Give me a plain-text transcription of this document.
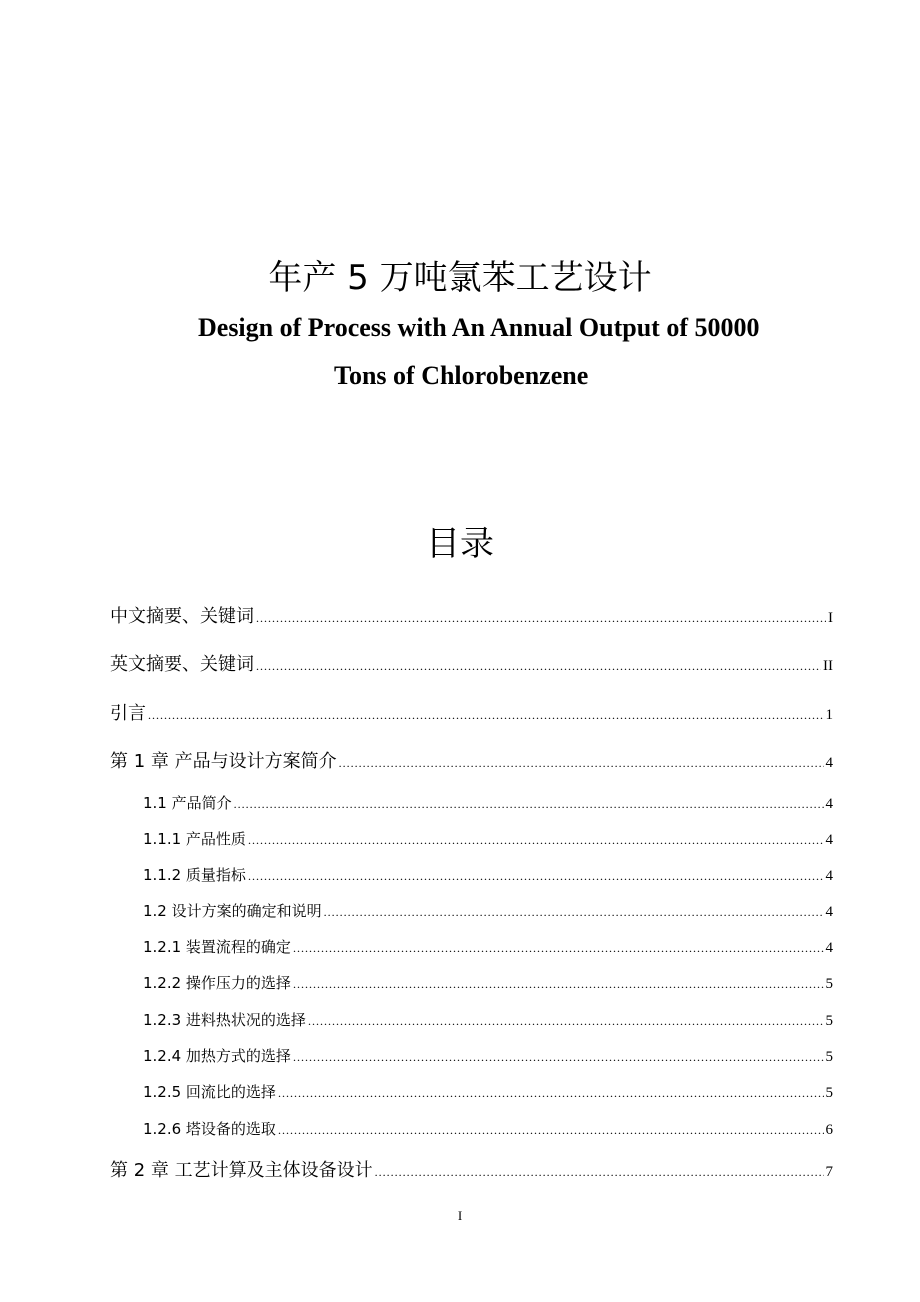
年产 5 万吨氯苯工艺设计
Design of Process with An Annual Output of 50000
Tons of Chlorobenzene
目录
中文摘要、关键词 .....	I
英文摘要、关键词 .....	II
引言 .....	1
第 1 章 产品与设计方案简介 .....	4
1.1 产品简介 .....	4
1.1.1 产品性质 .....	4
1.1.2 质量指标 .....	4
1.2 设计方案的确定和说明 .....	4
1.2.1 装置流程的确定 .....	4
1.2.2 操作压力的选择 .....	5
1.2.3 进料热状况的选择 .....	5
1.2.4 加热方式的选择 .....	5
1.2.5 回流比的选择 .....	5
1.2.6 塔设备的选取 .....	6
第 2 章 工艺计算及主体设备设计 .....	7
I
